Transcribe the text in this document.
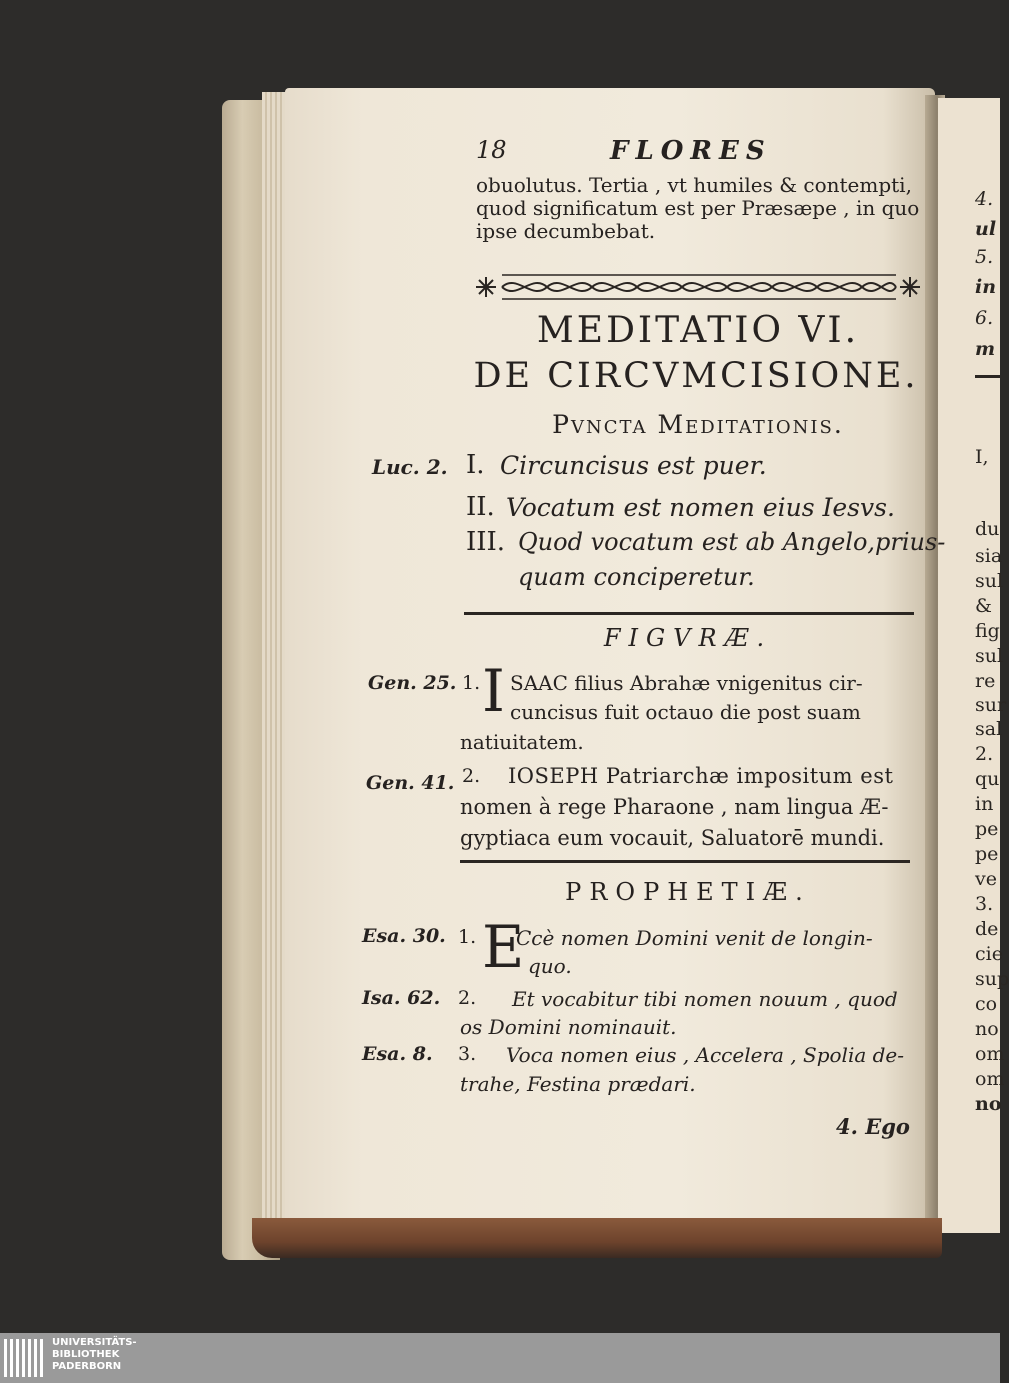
18	FLORES
obuolutus. Tertia , vt humiles & contempti, quod significatum est per Præsæpe , in quo ipse decumbebat.
MEDITATIO VI.
DE CIRCVMCISIONE.
Pvncta Meditationis.
Luc. 2. I. Circuncisus est puer.
II. Vocatum est nomen eius Iesvs.
III. Quod vocatum est ab Angelo,prius-
quam conciperetur.
FIGVRÆ.
Gen. 25. 1. I SAAC filius Abrahæ vnigenitus cir-
cuncisus fuit octauo die post suam
natiuitatem.
Gen. 41. 2. IOSEPH Patriarchæ impositum est
nomen à rege Pharaone , nam lingua Æ-
gyptiaca eum vocauit, Saluatorē mundi.
PROPHETIÆ.
Esa. 30. 1. E
Ccè nomen Domini venit de longin-
quo.
Isa. 62. 2. Et vocabitur tibi nomen nouum , quod
os Domini nominauit.
Esa. 8. 3. Voca nomen eius , Accelera , Spolia de-
trahe, Festina prædari.
4. Ego
4.
ul
5.
in
6.
m
I,
du
sia
sul
&
fig
sul
re
sur
sal
2.
qu
in
pe
pe
ve
3.
de
cie
sup
co
no
om
om
no
UNIVERSITÄTS-
BIBLIOTHEK
PADERBORN
